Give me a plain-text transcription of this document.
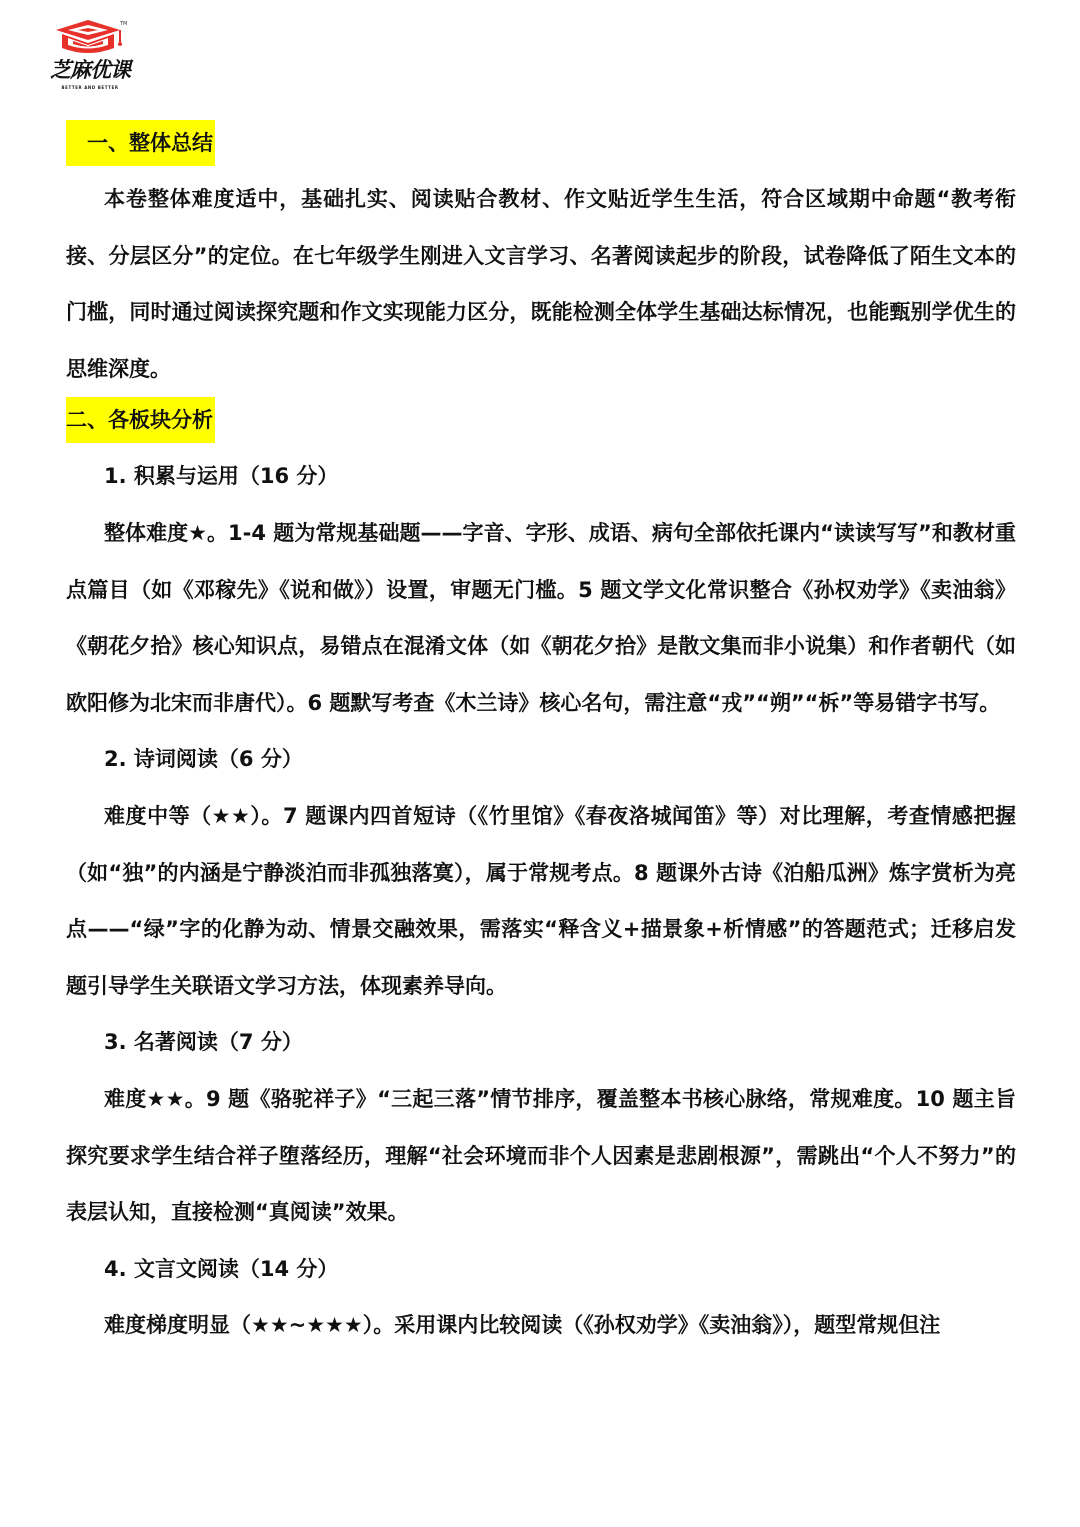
TM
芝麻优课
BETTER AND BETTER
一、整体总结

本卷整体难度适中，基础扎实、阅读贴合教材、作文贴近学生生活，符合区域期中命题“教考衔接、分层区分”的定位。在七年级学生刚进入文言学习、名著阅读起步的阶段，试卷降低了陌生文本的门槛，同时通过阅读探究题和作文实现能力区分，既能检测全体学生基础达标情况，也能甄别学优生的思维深度。

二、各板块分析

1. 积累与运用（16 分）

整体难度★。1-4 题为常规基础题——字音、字形、成语、病句全部依托课内“读读写写”和教材重点篇目（如《邓稼先》《说和做》）设置，审题无门槛。5 题文学文化常识整合《孙权劝学》《卖油翁》《朝花夕拾》核心知识点，易错点在混淆文体（如《朝花夕拾》是散文集而非小说集）和作者朝代（如欧阳修为北宋而非唐代）。6 题默写考查《木兰诗》核心名句，需注意“戎”“朔”“柝”等易错字书写。

2. 诗词阅读（6 分）

难度中等（★★）。7 题课内四首短诗（《竹里馆》《春夜洛城闻笛》等）对比理解，考查情感把握（如“独”的内涵是宁静淡泊而非孤独落寞），属于常规考点。8 题课外古诗《泊船瓜洲》炼字赏析为亮点——“绿”字的化静为动、情景交融效果，需落实“释含义+描景象+析情感”的答题范式；迁移启发题引导学生关联语文学习方法，体现素养导向。

3. 名著阅读（7 分）

难度★★。9 题《骆驼祥子》“三起三落”情节排序，覆盖整本书核心脉络，常规难度。10 题主旨探究要求学生结合祥子堕落经历，理解“社会环境而非个人因素是悲剧根源”，需跳出“个人不努力”的表层认知，直接检测“真阅读”效果。

4. 文言文阅读（14 分）

难度梯度明显（★★~★★★）。采用课内比较阅读（《孙权劝学》《卖油翁》），题型常规但注
